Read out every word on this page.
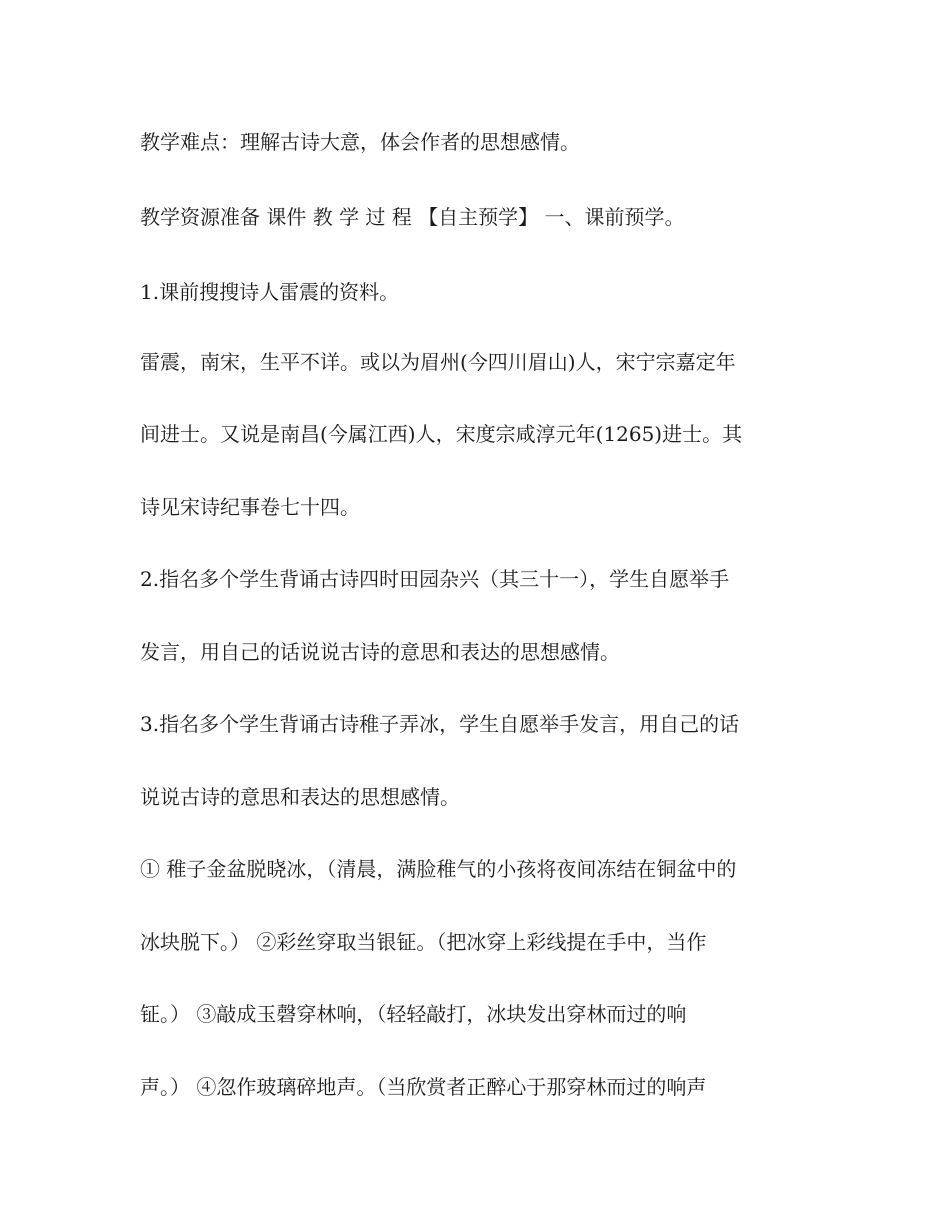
教学难点：理解古诗大意，体会作者的思想感情。
教学资源准备 课件 教 学 过 程 【自主预学】 一、课前预学。
1.课前搜搜诗人雷震的资料。
雷震，南宋，生平不详。或以为眉州(今四川眉山)人，宋宁宗嘉定年
间进士。又说是南昌(今属江西)人，宋度宗咸淳元年(1265)进士。其
诗见宋诗纪事卷七十四。
2.指名多个学生背诵古诗四时田园杂兴（其三十一），学生自愿举手
发言，用自己的话说说古诗的意思和表达的思想感情。
3.指名多个学生背诵古诗稚子弄冰，学生自愿举手发言，用自己的话
说说古诗的意思和表达的思想感情。
① 稚子金盆脱晓冰，（清晨，满脸稚气的小孩将夜间冻结在铜盆中的
冰块脱下。） ②彩丝穿取当银钲。（把冰穿上彩线提在手中，当作
钲。） ③敲成玉磬穿林响，（轻轻敲打，冰块发出穿林而过的响
声。） ④忽作玻璃碎地声。（当欣赏者正醉心于那穿林而过的响声
